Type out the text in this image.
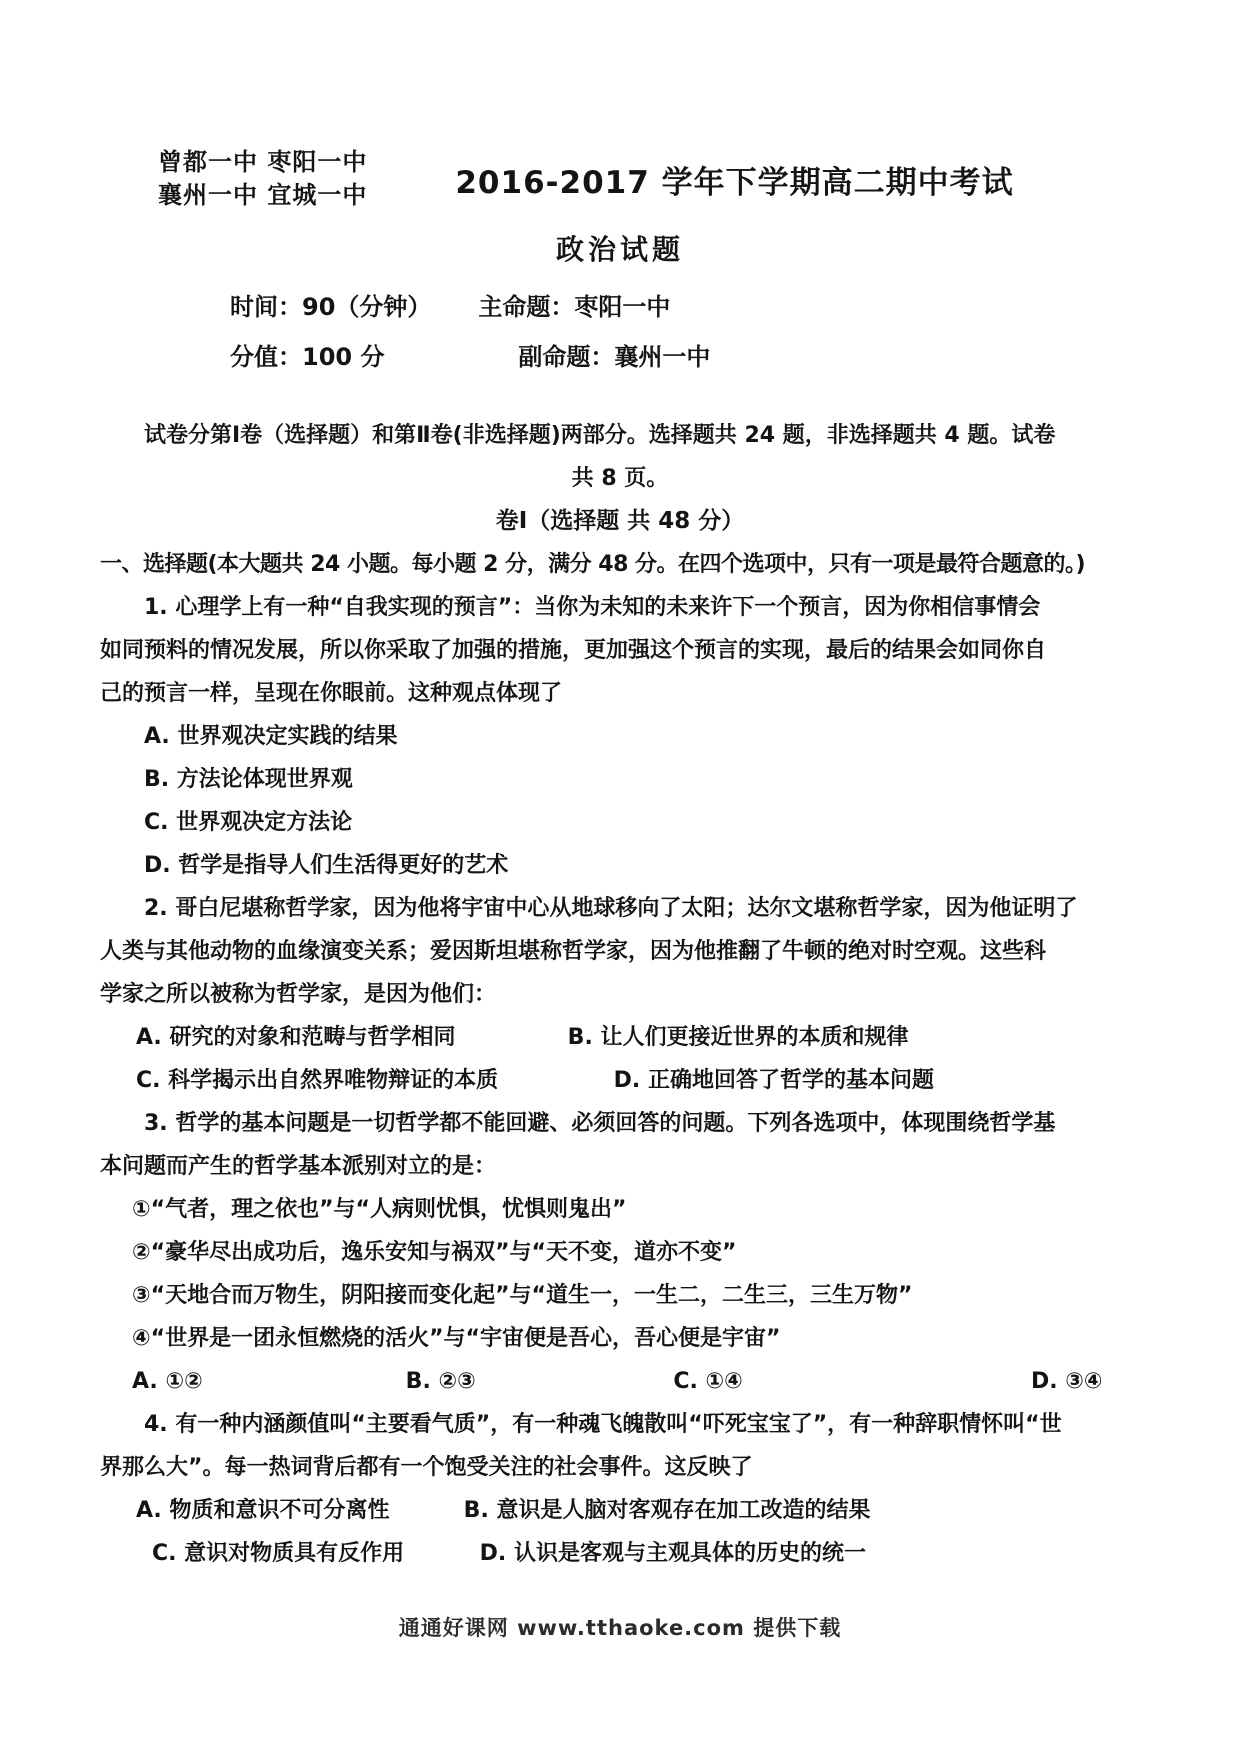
曾都一中 枣阳一中
襄州一中 宜城一中	2016-2017 学年下学期高二期中考试
政治试题
时间：90（分钟） 主命题：枣阳一中
分值：100 分	副命题：襄州一中
试卷分第Ⅰ卷（选择题）和第Ⅱ卷(非选择题)两部分。选择题共 24 题，非选择题共 4 题。试卷
共 8 页。
卷Ⅰ（选择题 共 48 分）
一、选择题(本大题共 24 小题。每小题 2 分，满分 48 分。在四个选项中，只有一项是最符合题意的。)
1. 心理学上有一种“自我实现的预言”：当你为未知的未来许下一个预言，因为你相信事情会
如同预料的情况发展，所以你采取了加强的措施，更加强这个预言的实现，最后的结果会如同你自
己的预言一样，呈现在你眼前。这种观点体现了
A. 世界观决定实践的结果
B. 方法论体现世界观
C. 世界观决定方法论
D. 哲学是指导人们生活得更好的艺术
2. 哥白尼堪称哲学家，因为他将宇宙中心从地球移向了太阳；达尔文堪称哲学家，因为他证明了
人类与其他动物的血缘演变关系；爱因斯坦堪称哲学家，因为他推翻了牛顿的绝对时空观。这些科
学家之所以被称为哲学家，是因为他们：
A. 研究的对象和范畴与哲学相同	B. 让人们更接近世界的本质和规律
C. 科学揭示出自然界唯物辩证的本质	D. 正确地回答了哲学的基本问题
3. 哲学的基本问题是一切哲学都不能回避、必须回答的问题。下列各选项中，体现围绕哲学基
本问题而产生的哲学基本派别对立的是：
①“气者，理之依也”与“人病则忧惧，忧惧则鬼出”
②“豪华尽出成功后，逸乐安知与祸双”与“天不变，道亦不变”
③“天地合而万物生，阴阳接而变化起”与“道生一，一生二，二生三，三生万物”
④“世界是一团永恒燃烧的活火”与“宇宙便是吾心，吾心便是宇宙”
A. ①②	B. ②③	C. ①④	D. ③④
4. 有一种内涵颜值叫“主要看气质”，有一种魂飞魄散叫“吓死宝宝了”，有一种辞职情怀叫“世
界那么大”。每一热词背后都有一个饱受关注的社会事件。这反映了
A. 物质和意识不可分离性	B. 意识是人脑对客观存在加工改造的结果
C. 意识对物质具有反作用	D. 认识是客观与主观具体的历史的统一
通通好课网 www.tthaoke.com 提供下载
